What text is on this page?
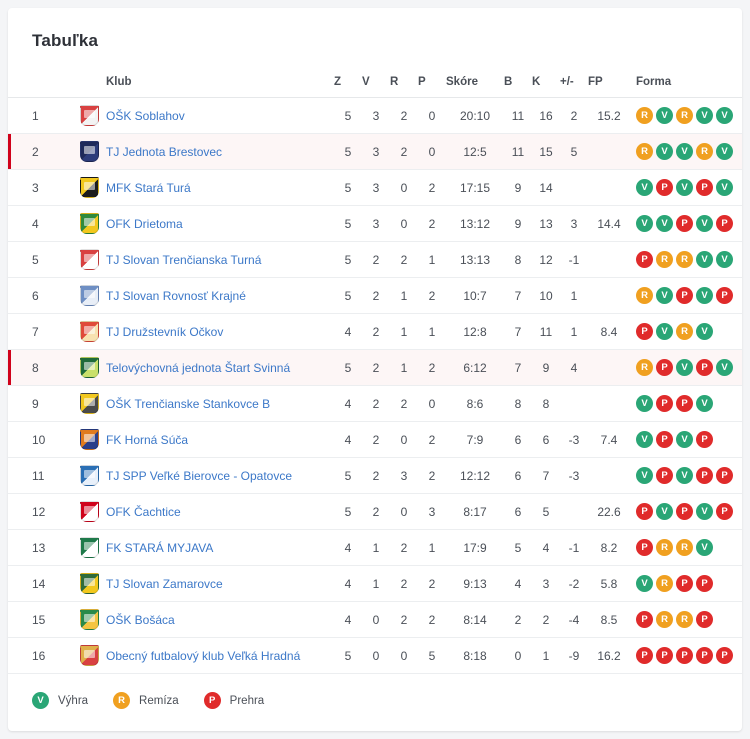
Tabuľka
		Klub	Z	V	R	P	Skóre	B	K	+/-	FP	Forma
1		OŠK Soblahov	5	3	2	0	20:10	11	16	2	15.2	R V R V V
2		TJ Jednota Brestovec	5	3	2	0	12:5	11	15	5		R V V R V
3		MFK Stará Turá	5	3	0	2	17:15	9	14			V P V P V
4		OFK Drietoma	5	3	0	2	13:12	9	13	3	14.4	V V P V P
5		TJ Slovan Trenčianska Turná	5	2	2	1	13:13	8	12	-1		P R R V V
6		TJ Slovan Rovnosť Krajné	5	2	1	2	10:7	7	10	1		R V P V P
7		TJ Družstevník Očkov	4	2	1	1	12:8	7	11	1	8.4	P V R V
8		Telovýchovná jednota Štart Svinná	5	2	1	2	6:12	7	9	4		R P V P V
9		OŠK Trenčianske Stankovce B	4	2	2	0	8:6	8	8			V P P V
10		FK Horná Súča	4	2	0	2	7:9	6	6	-3	7.4	V P V P
11		TJ SPP Veľké Bierovce - Opatovce	5	2	3	2	12:12	6	7	-3		V P V P P
12		OFK Čachtice	5	2	0	3	8:17	6	5		22.6	P V P V P
13		FK STARÁ MYJAVA	4	1	2	1	17:9	5	4	-1	8.2	P R R V
14		TJ Slovan Zamarovce	4	1	2	2	9:13	4	3	-2	5.8	V R P P
15		OŠK Bošáca	4	0	2	2	8:14	2	2	-4	8.5	P R R P
16		Obecný futbalový klub Veľká Hradná	5	0	0	5	8:18	0	1	-9	16.2	P P P P P
V	Výhra	R	Remíza	P	Prehra
